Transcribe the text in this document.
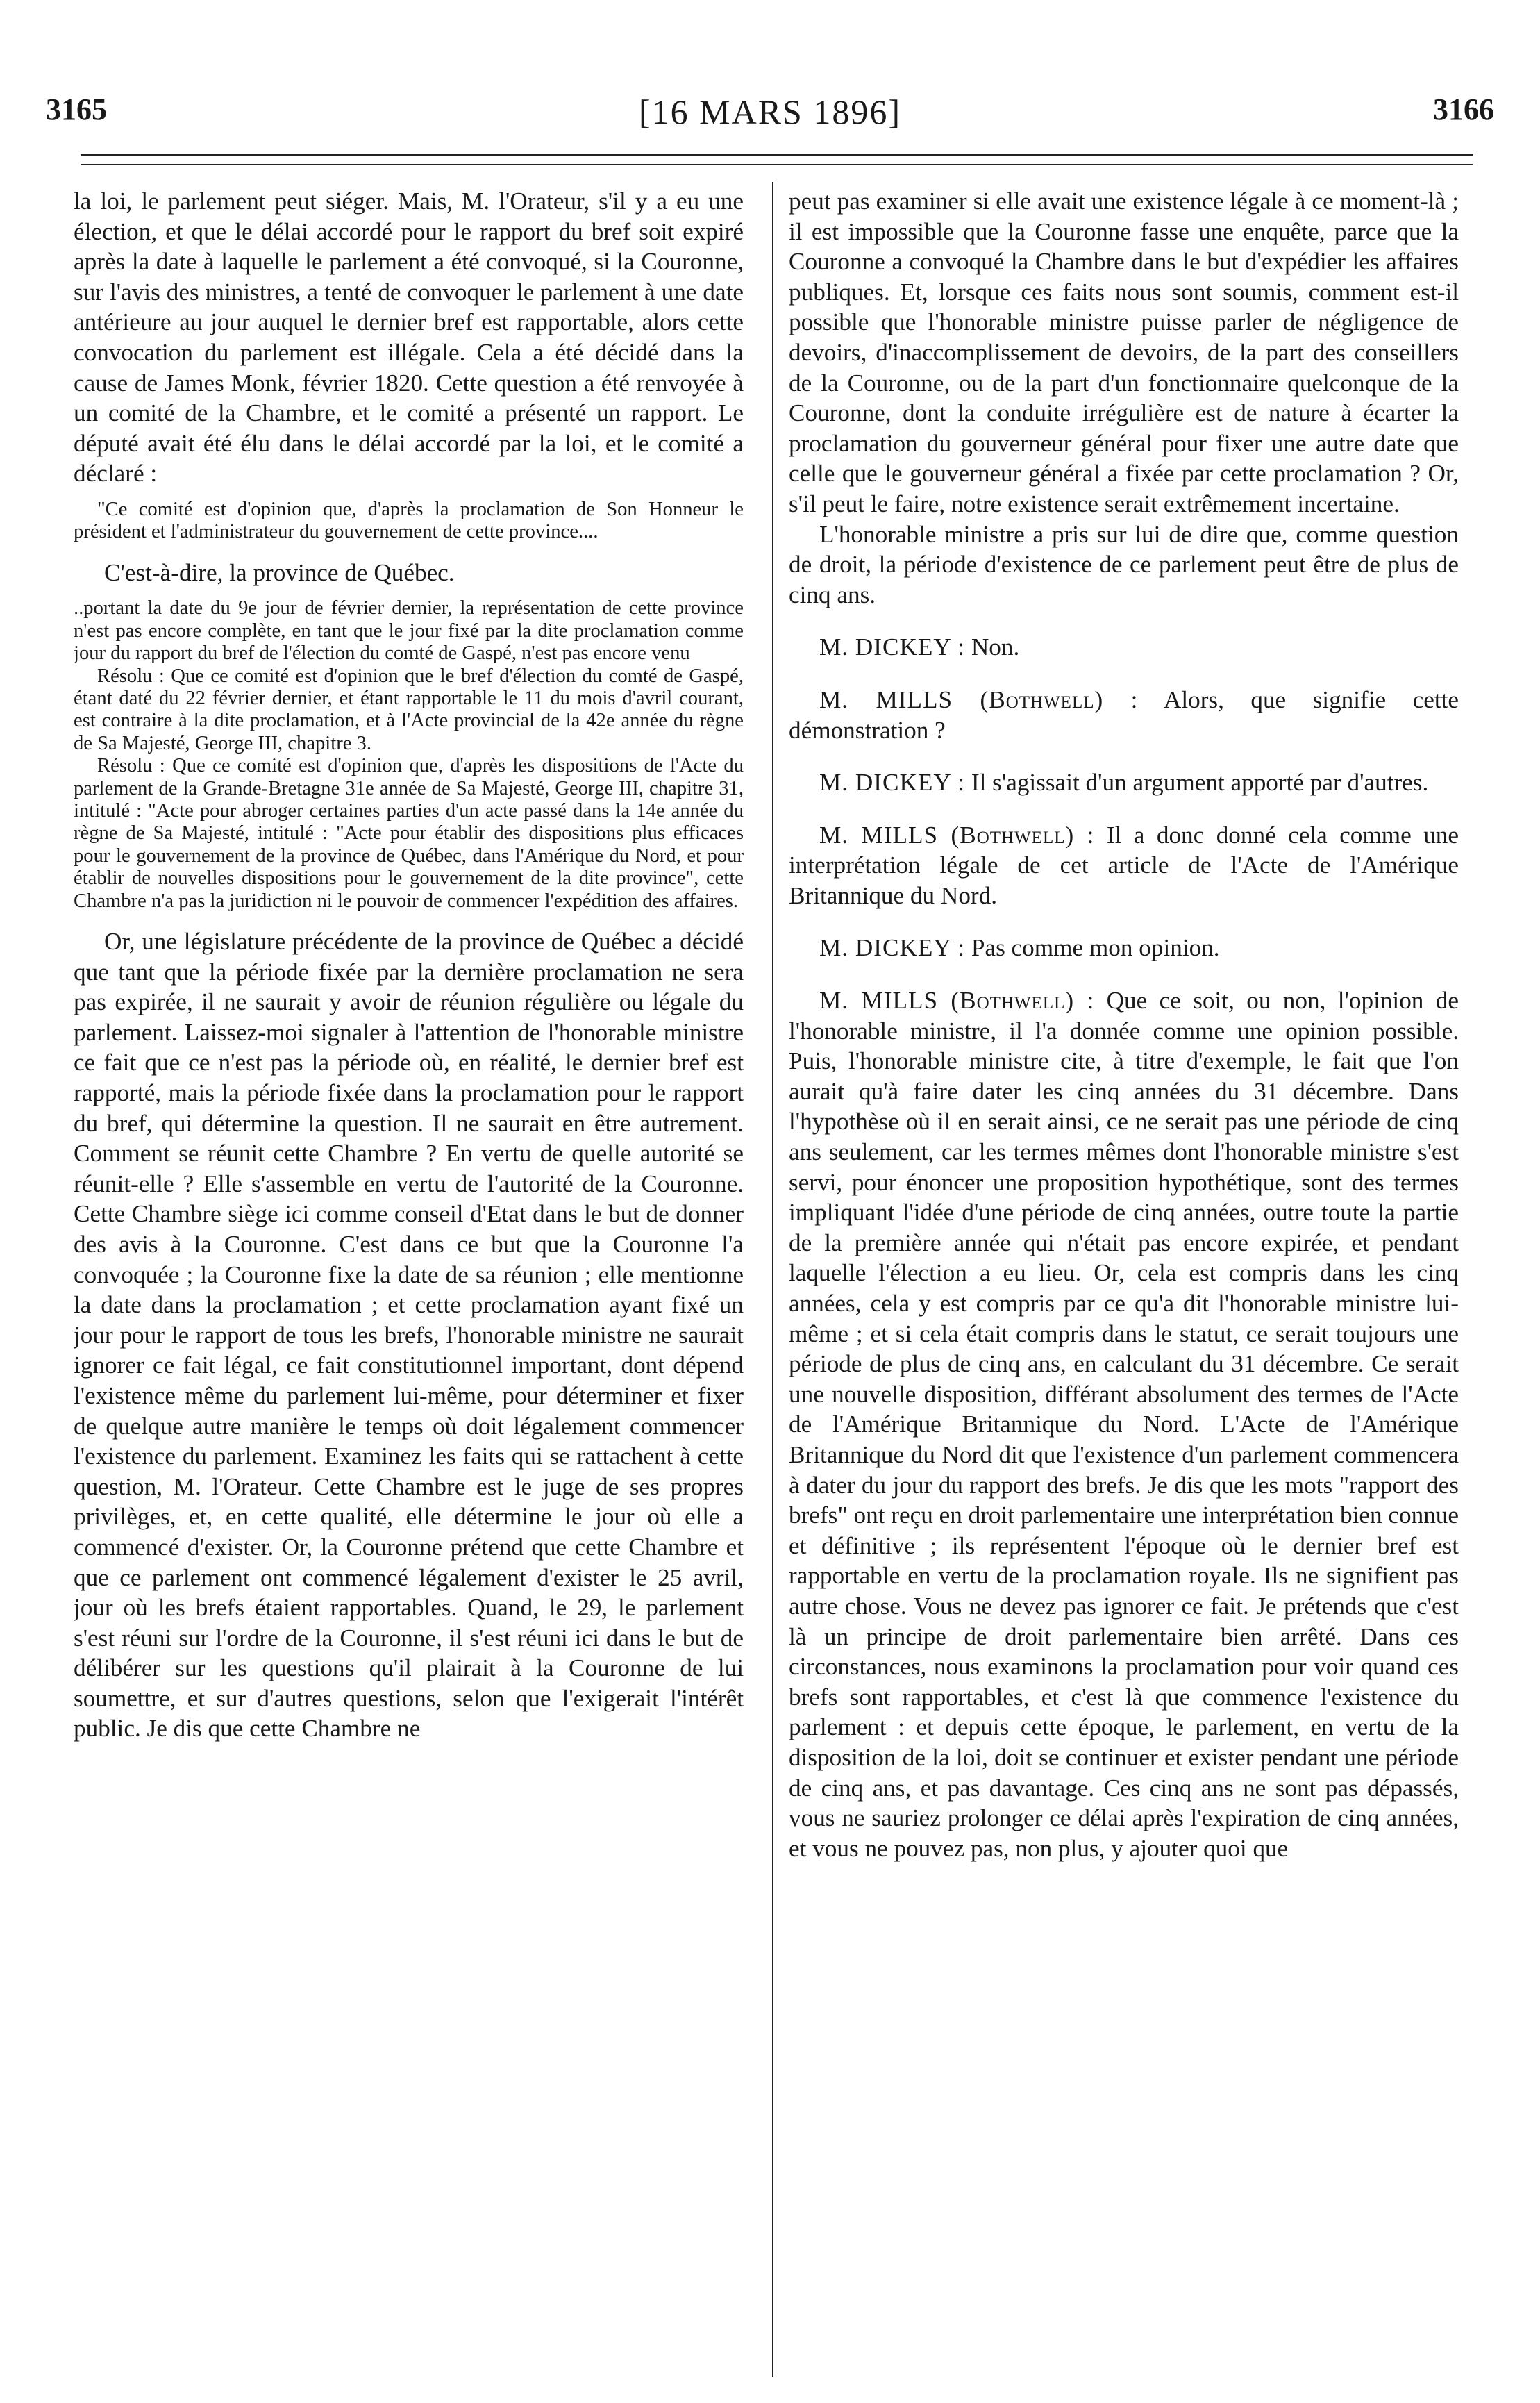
3165	[16 MARS 1896]	3166

la loi, le parlement peut siéger. Mais, M. l'Orateur, s'il y a eu une élection, et que le délai accordé pour le rapport du bref soit expiré après la date à laquelle le parlement a été convoqué, si la Couronne, sur l'avis des ministres, a tenté de convoquer le parlement à une date antérieure au jour auquel le dernier bref est rapportable, alors cette convocation du parlement est illégale. Cela a été décidé dans la cause de James Monk, février 1820. Cette question a été renvoyée à un comité de la Chambre, et le comité a présenté un rapport. Le député avait été élu dans le délai accordé par la loi, et le comité a déclaré :

"Ce comité est d'opinion que, d'après la proclamation de Son Honneur le président et l'administrateur du gouvernement de cette province....

C'est-à-dire, la province de Québec.

..portant la date du 9e jour de février dernier, la représentation de cette province n'est pas encore complète, en tant que le jour fixé par la dite proclamation comme jour du rapport du bref de l'élection du comté de Gaspé, n'est pas encore venu

Résolu : Que ce comité est d'opinion que le bref d'élection du comté de Gaspé, étant daté du 22 février dernier, et étant rapportable le 11 du mois d'avril courant, est contraire à la dite proclamation, et à l'Acte provincial de la 42e année du règne de Sa Majesté, George III, chapitre 3.

Résolu : Que ce comité est d'opinion que, d'après les dispositions de l'Acte du parlement de la Grande-Bretagne 31e année de Sa Majesté, George III, chapitre 31, intitulé : "Acte pour abroger certaines parties d'un acte passé dans la 14e année du règne de Sa Majesté, intitulé : "Acte pour établir des dispositions plus efficaces pour le gouvernement de la province de Québec, dans l'Amérique du Nord, et pour établir de nouvelles dispositions pour le gouvernement de la dite province", cette Chambre n'a pas la juridiction ni le pouvoir de commencer l'expédition des affaires.

Or, une législature précédente de la province de Québec a décidé que tant que la période fixée par la dernière proclamation ne sera pas expirée, il ne saurait y avoir de réunion régulière ou légale du parlement. Laissez-moi signaler à l'attention de l'honorable ministre ce fait que ce n'est pas la période où, en réalité, le dernier bref est rapporté, mais la période fixée dans la proclamation pour le rapport du bref, qui détermine la question. Il ne saurait en être autrement. Comment se réunit cette Chambre ? En vertu de quelle autorité se réunit-elle ? Elle s'assemble en vertu de l'autorité de la Couronne. Cette Chambre siège ici comme conseil d'Etat dans le but de donner des avis à la Couronne. C'est dans ce but que la Couronne l'a convoquée ; la Couronne fixe la date de sa réunion ; elle mentionne la date dans la proclamation ; et cette proclamation ayant fixé un jour pour le rapport de tous les brefs, l'honorable ministre ne saurait ignorer ce fait légal, ce fait constitutionnel important, dont dépend l'existence même du parlement lui-même, pour déterminer et fixer de quelque autre manière le temps où doit légalement commencer l'existence du parlement. Examinez les faits qui se rattachent à cette question, M. l'Orateur. Cette Chambre est le juge de ses propres privilèges, et, en cette qualité, elle détermine le jour où elle a commencé d'exister. Or, la Couronne prétend que cette Chambre et que ce parlement ont commencé légalement d'exister le 25 avril, jour où les brefs étaient rapportables. Quand, le 29, le parlement s'est réuni sur l'ordre de la Couronne, il s'est réuni ici dans le but de délibérer sur les questions qu'il plairait à la Couronne de lui soumettre, et sur d'autres questions, selon que l'exigerait l'intérêt public. Je dis que cette Chambre ne

peut pas examiner si elle avait une existence légale à ce moment-là ; il est impossible que la Couronne fasse une enquête, parce que la Couronne a convoqué la Chambre dans le but d'expédier les affaires publiques. Et, lorsque ces faits nous sont soumis, comment est-il possible que l'honorable ministre puisse parler de négligence de devoirs, d'inaccomplissement de devoirs, de la part des conseillers de la Couronne, ou de la part d'un fonctionnaire quelconque de la Couronne, dont la conduite irrégulière est de nature à écarter la proclamation du gouverneur général pour fixer une autre date que celle que le gouverneur général a fixée par cette proclamation ? Or, s'il peut le faire, notre existence serait extrêmement incertaine.

L'honorable ministre a pris sur lui de dire que, comme question de droit, la période d'existence de ce parlement peut être de plus de cinq ans.

M. DICKEY : Non.

M. MILLS (Bothwell) : Alors, que signifie cette démonstration ?

M. DICKEY : Il s'agissait d'un argument apporté par d'autres.

M. MILLS (Bothwell) : Il a donc donné cela comme une interprétation légale de cet article de l'Acte de l'Amérique Britannique du Nord.

M. DICKEY : Pas comme mon opinion.

M. MILLS (Bothwell) : Que ce soit, ou non, l'opinion de l'honorable ministre, il l'a donnée comme une opinion possible. Puis, l'honorable ministre cite, à titre d'exemple, le fait que l'on aurait qu'à faire dater les cinq années du 31 décembre. Dans l'hypothèse où il en serait ainsi, ce ne serait pas une période de cinq ans seulement, car les termes mêmes dont l'honorable ministre s'est servi, pour énoncer une proposition hypothétique, sont des termes impliquant l'idée d'une période de cinq années, outre toute la partie de la première année qui n'était pas encore expirée, et pendant laquelle l'élection a eu lieu. Or, cela est compris dans les cinq années, cela y est compris par ce qu'a dit l'honorable ministre lui-même ; et si cela était compris dans le statut, ce serait toujours une période de plus de cinq ans, en calculant du 31 décembre. Ce serait une nouvelle disposition, différant absolument des termes de l'Acte de l'Amérique Britannique du Nord. L'Acte de l'Amérique Britannique du Nord dit que l'existence d'un parlement commencera à dater du jour du rapport des brefs. Je dis que les mots "rapport des brefs" ont reçu en droit parlementaire une interprétation bien connue et définitive ; ils représentent l'époque où le dernier bref est rapportable en vertu de la proclamation royale. Ils ne signifient pas autre chose. Vous ne devez pas ignorer ce fait. Je prétends que c'est là un principe de droit parlementaire bien arrêté. Dans ces circonstances, nous examinons la proclamation pour voir quand ces brefs sont rapportables, et c'est là que commence l'existence du parlement : et depuis cette époque, le parlement, en vertu de la disposition de la loi, doit se continuer et exister pendant une période de cinq ans, et pas davantage. Ces cinq ans ne sont pas dépassés, vous ne sauriez prolonger ce délai après l'expiration de cinq années, et vous ne pouvez pas, non plus, y ajouter quoi que
